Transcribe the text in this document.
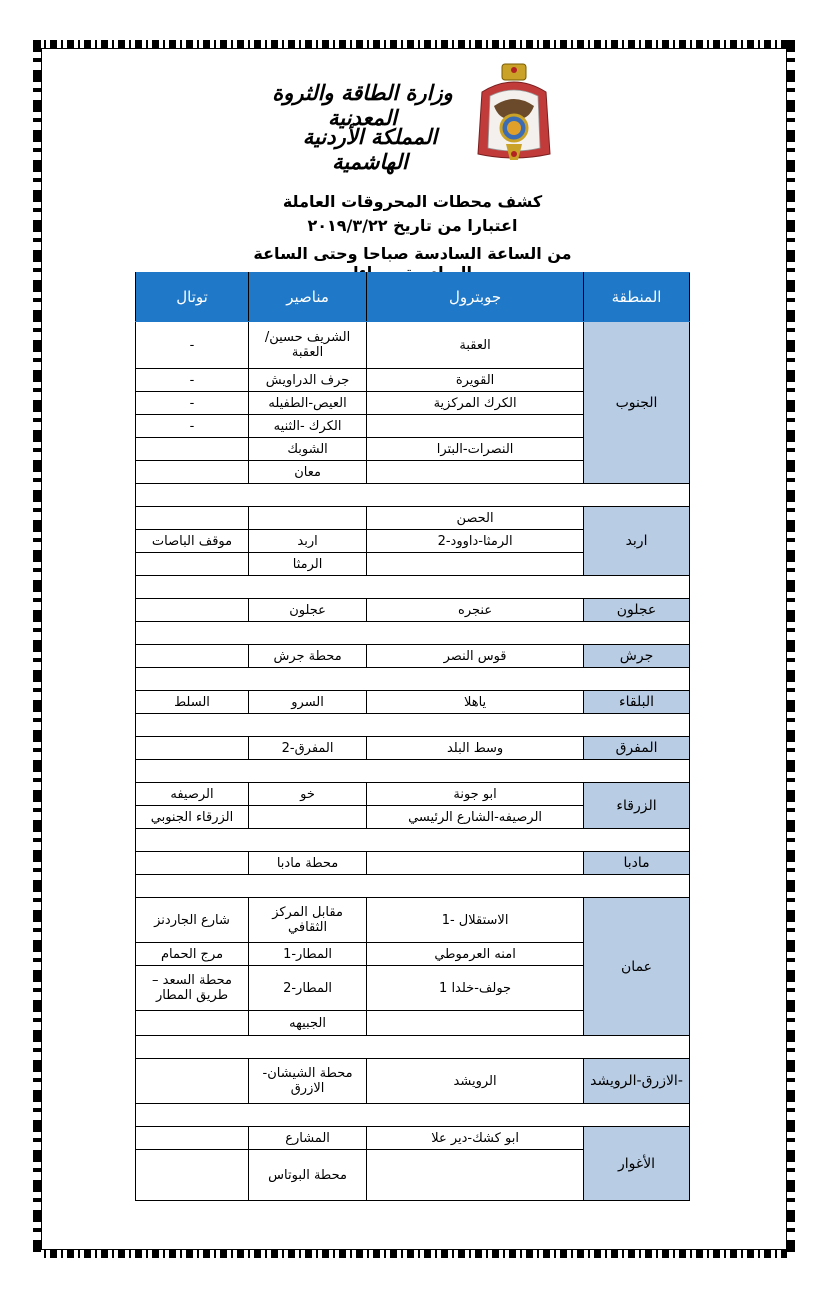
وزارة الطاقة والثروة المعدنية
المملكة الأردنية الهاشمية
كشف محطات المحروقات العاملة
اعتبارا من تاريخ ٢٠١٩/٣/٢٢
من الساعة السادسة صباحا وحتى الساعة
المنطقة	جوبترول	مناصير	توتال
الجنوب	العقبة	الشريف حسين/العقبة	-
	القويرة	جرف الدراويش	-
	الكرك المركزية	العيص-الطفيله	-
		الكرك -الثنيه	-
	النصرات-البترا	الشوبك	
		معان	

اربد	الحصن		
	الرمثا-داوود-2	اربد	موقف الباصات
		الرمثا	

عجلون	عنجره	عجلون	

جرش	قوس النصر	محطة جرش	

البلقاء	ياهلا	السرو	السلط

المفرق	وسط البلد	المفرق-2	

الزرقاء	ابو جونة	خو	الرصيفه
	الرصيفه-الشارع الرئيسي		الزرقاء الجنوبي

مادبا		محطة مادبا	

عمان	الاستقلال -1	مقابل المركز الثقافي	شارع الجاردنز
	امنه العرموطي	المطار-1	مرج الحمام
	جولف-خلدا 1	المطار-2	محطة السعد – طريق المطار
		الجبيهه	

-الازرق-الرويشد	الرويشد	محطة الشيشان- الازرق	

الأغوار	ابو كشك-دير علا	المشارع	
		محطة البوتاس	
